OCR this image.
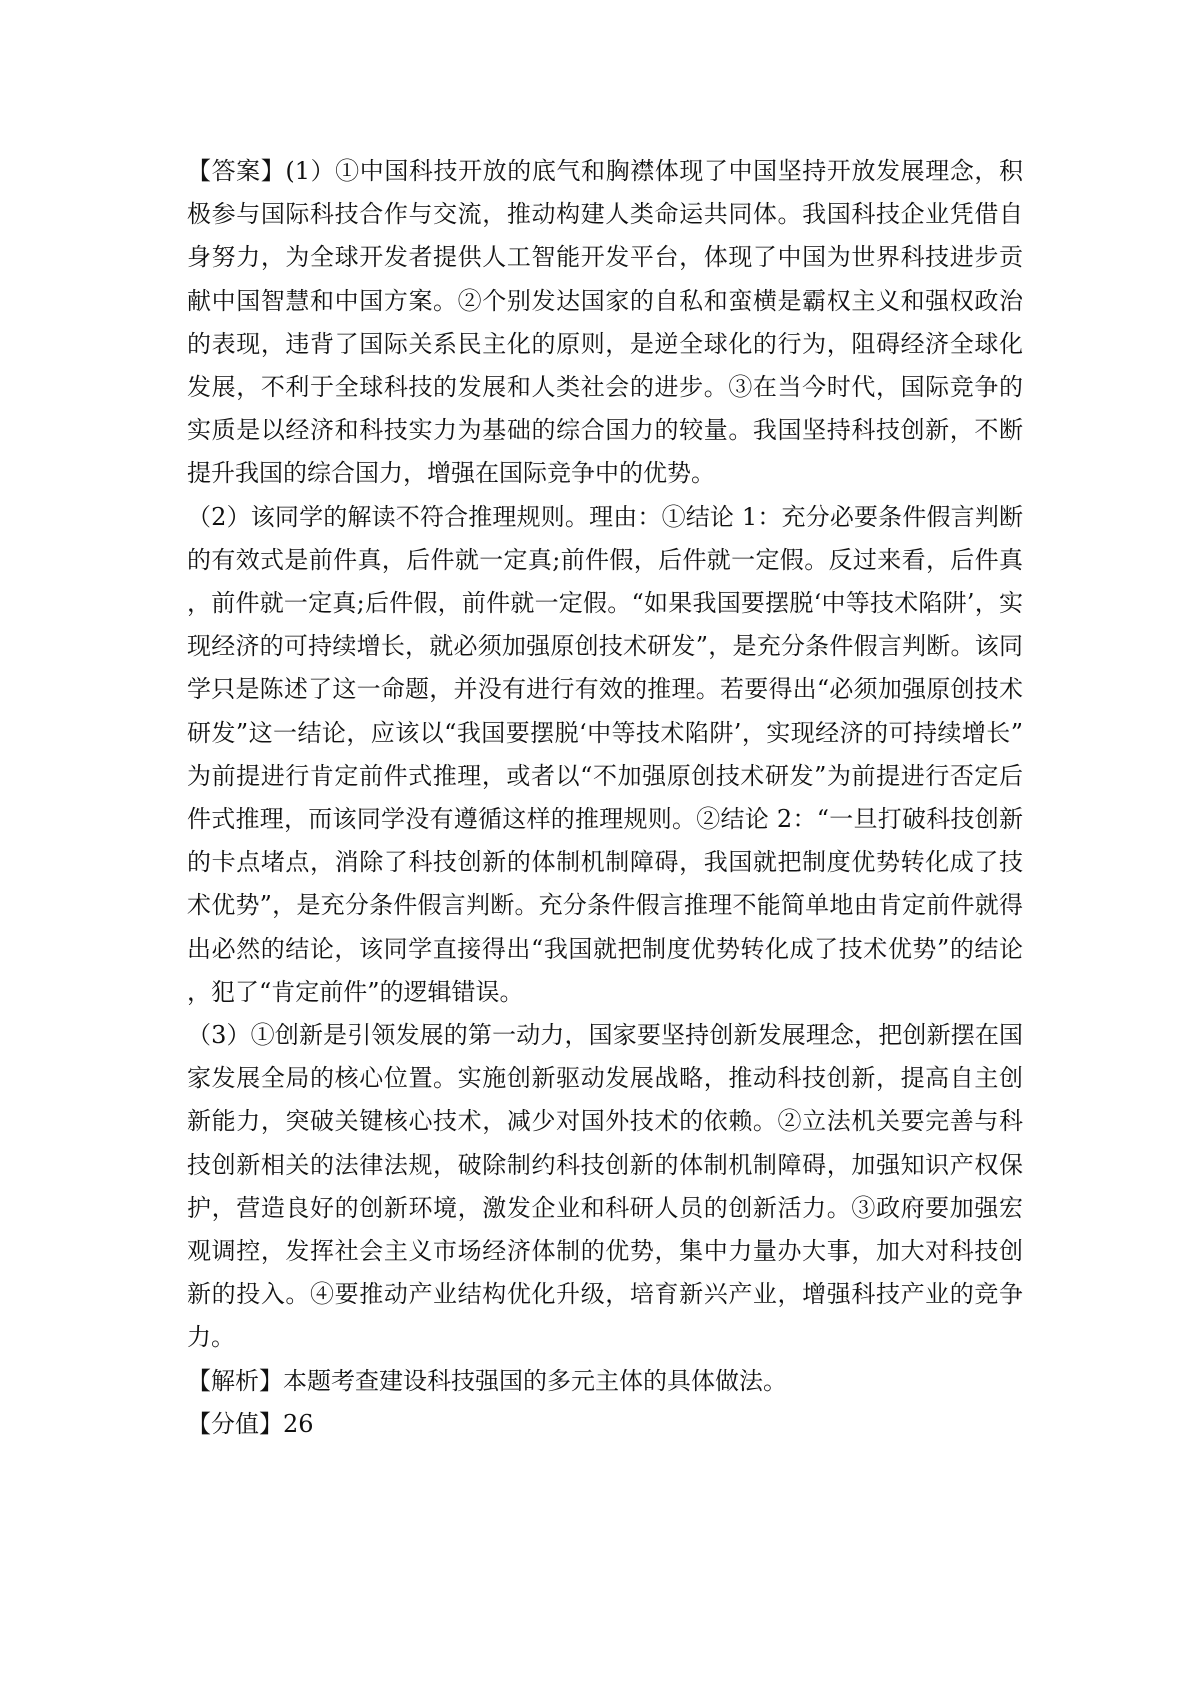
【答案】(1）①中国科技开放的底气和胸襟体现了中国坚持开放发展理念，积极参与国际科技合作与交流，推动构建人类命运共同体。我国科技企业凭借自身努力，为全球开发者提供人工智能开发平台，体现了中国为世界科技进步贡献中国智慧和中国方案。②个别发达国家的自私和蛮横是霸权主义和强权政治的表现，违背了国际关系民主化的原则，是逆全球化的行为，阻碍经济全球化发展，不利于全球科技的发展和人类社会的进步。③在当今时代，国际竞争的实质是以经济和科技实力为基础的综合国力的较量。我国坚持科技创新，不断提升我国的综合国力，增强在国际竞争中的优势。

（2）该同学的解读不符合推理规则。理由：①结论 1：充分必要条件假言判断的有效式是前件真，后件就一定真;前件假，后件就一定假。反过来看，后件真，前件就一定真;后件假，前件就一定假。“如果我国要摆脱‘中等技术陷阱’，实现经济的可持续增长，就必须加强原创技术研发”，是充分条件假言判断。该同学只是陈述了这一命题，并没有进行有效的推理。若要得出“必须加强原创技术研发”这一结论，应该以“我国要摆脱‘中等技术陷阱’，实现经济的可持续增长”为前提进行肯定前件式推理，或者以“不加强原创技术研发”为前提进行否定后件式推理，而该同学没有遵循这样的推理规则。②结论 2：“一旦打破科技创新的卡点堵点，消除了科技创新的体制机制障碍，我国就把制度优势转化成了技术优势”，是充分条件假言判断。充分条件假言推理不能简单地由肯定前件就得出必然的结论，该同学直接得出“我国就把制度优势转化成了技术优势”的结论，犯了“肯定前件”的逻辑错误。

（3）①创新是引领发展的第一动力，国家要坚持创新发展理念，把创新摆在国家发展全局的核心位置。实施创新驱动发展战略，推动科技创新，提高自主创新能力，突破关键核心技术，减少对国外技术的依赖。②立法机关要完善与科技创新相关的法律法规，破除制约科技创新的体制机制障碍，加强知识产权保护，营造良好的创新环境，激发企业和科研人员的创新活力。③政府要加强宏观调控，发挥社会主义市场经济体制的优势，集中力量办大事，加大对科技创新的投入。④要推动产业结构优化升级，培育新兴产业，增强科技产业的竞争力。

【解析】本题考查建设科技强国的多元主体的具体做法。

【分值】26
